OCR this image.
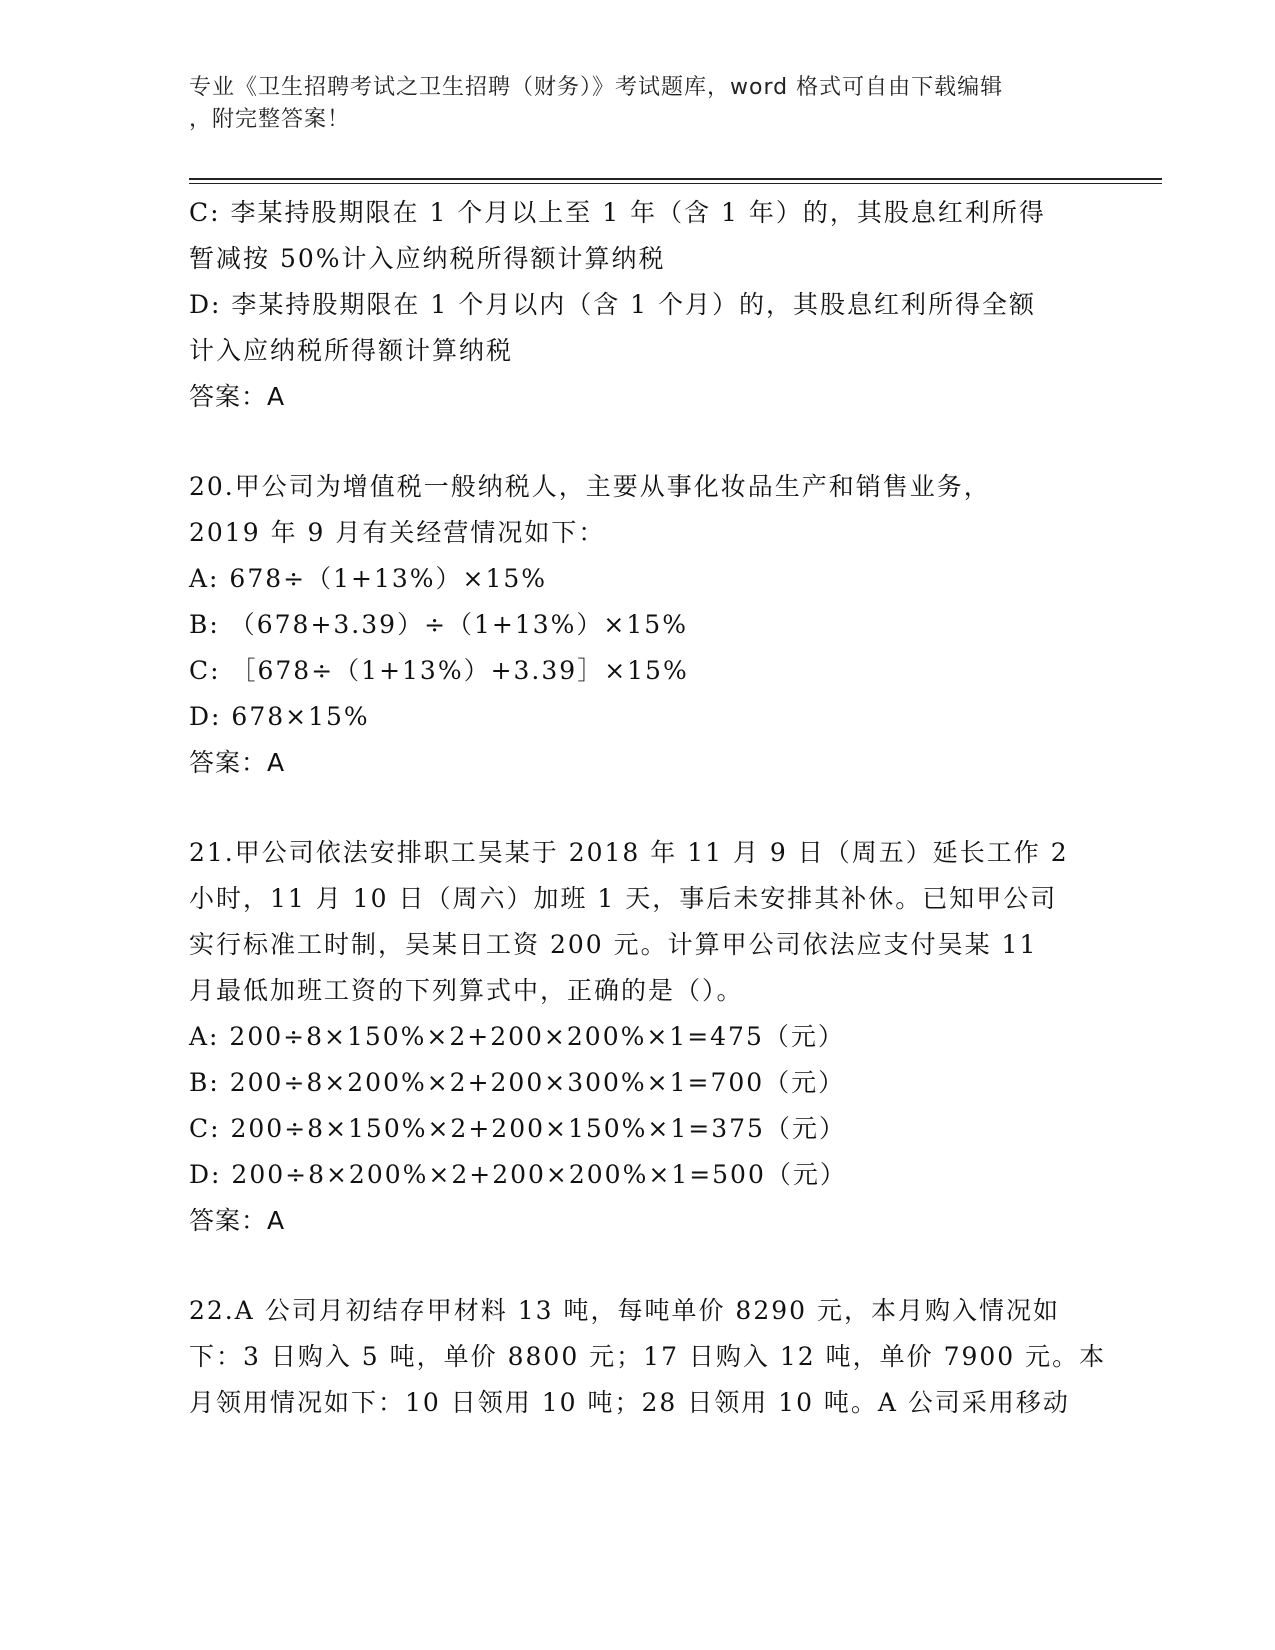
专业《卫生招聘考试之卫生招聘（财务）》考试题库，word 格式可自由下载编辑
，附完整答案！
C: 李某持股期限在 1 个月以上至 1 年（含 1 年）的，其股息红利所得
暂减按 50%计入应纳税所得额计算纳税
D: 李某持股期限在 1 个月以内（含 1 个月）的，其股息红利所得全额
计入应纳税所得额计算纳税
答案：A
20.甲公司为增值税一般纳税人，主要从事化妆品生产和销售业务，
2019 年 9 月有关经营情况如下：
A: 678÷（1+13%）×15%
B: （678+3.39）÷（1+13%）×15%
C: ［678÷（1+13%）+3.39］×15%
D: 678×15%
答案：A
21.甲公司依法安排职工吴某于 2018 年 11 月 9 日（周五）延长工作 2
小时，11 月 10 日（周六）加班 1 天，事后未安排其补休。已知甲公司
实行标准工时制，吴某日工资 200 元。计算甲公司依法应支付吴某 11
月最低加班工资的下列算式中，正确的是（）。
A: 200÷8×150%×2+200×200%×1=475（元）
B: 200÷8×200%×2+200×300%×1=700（元）
C: 200÷8×150%×2+200×150%×1=375（元）
D: 200÷8×200%×2+200×200%×1=500（元）
答案：A
22.A 公司月初结存甲材料 13 吨，每吨单价 8290 元，本月购入情况如
下：3 日购入 5 吨，单价 8800 元；17 日购入 12 吨，单价 7900 元。本
月领用情况如下：10 日领用 10 吨；28 日领用 10 吨。A 公司采用移动
